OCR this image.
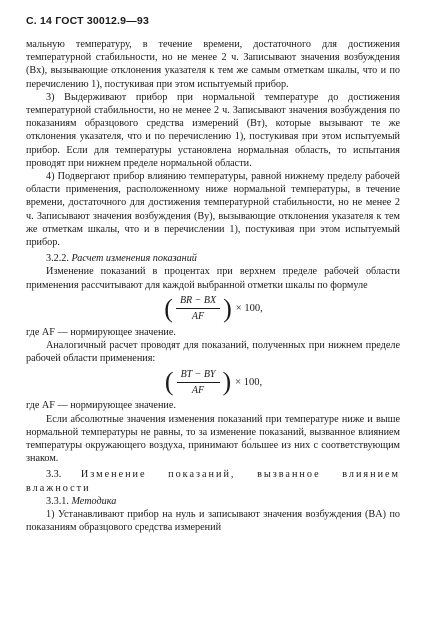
С. 14 ГОСТ 30012.9—93

мальную температуру, в течение времени, достаточного для достижения температурной стабильности, но не менее 2 ч. Записывают значения возбуждения (Bx), вызывающие отклонения указателя к тем же самым отметкам шкалы, что и по перечислению 1), постукивая при этом испытуемый прибор.

3) Выдерживают прибор при нормальной температуре до достижения температурной стабильности, но не менее 2 ч. Записывают значения возбуждения по показаниям образцового средства измерений (Bт), которые вызывают те же отклонения указателя, что и по перечислению 1), постукивая при этом испытуемый прибор. Если для температуры установлена нормальная область, то испытания проводят при нижнем пределе нормальной области.

4) Подвергают прибор влиянию температуры, равной нижнему пределу рабочей области применения, расположенному ниже нормальной температуры, в течение времени, достаточного для достижения температурной стабильности, но не менее 2 ч. Записывают значения возбуждения (Bу), вызывающие отклонения указателя к тем же отметкам шкалы, что и в перечислении 1), постукивая при этом испытуемый прибор.

3.2.2. Расчет изменения показаний

Изменение показаний в процентах при верхнем пределе рабочей области применения рассчитывают для каждой выбранной отметки шкалы по формуле

( $\frac{BR - BX}{AF}$ ) × 100,

где AF — нормирующее значение.

Аналогичный расчет проводят для показаний, полученных при нижнем пределе рабочей области применения:

( $\frac{BT - BY}{AF}$ ) × 100,

где AF — нормирующее значение.

Если абсолютные значения изменения показаний при температуре ниже и выше нормальной температуры не равны, то за изменение показаний, вызванное влиянием температуры окружающего воздуха, принимают бо́льшее из них с соответствующим знаком.

3.3. Изменение показаний, вызванное влиянием влажности

3.3.1. Методика

1) Устанавливают прибор на нуль и записывают значения возбуждения (BA) по показаниям образцового средства измерений
